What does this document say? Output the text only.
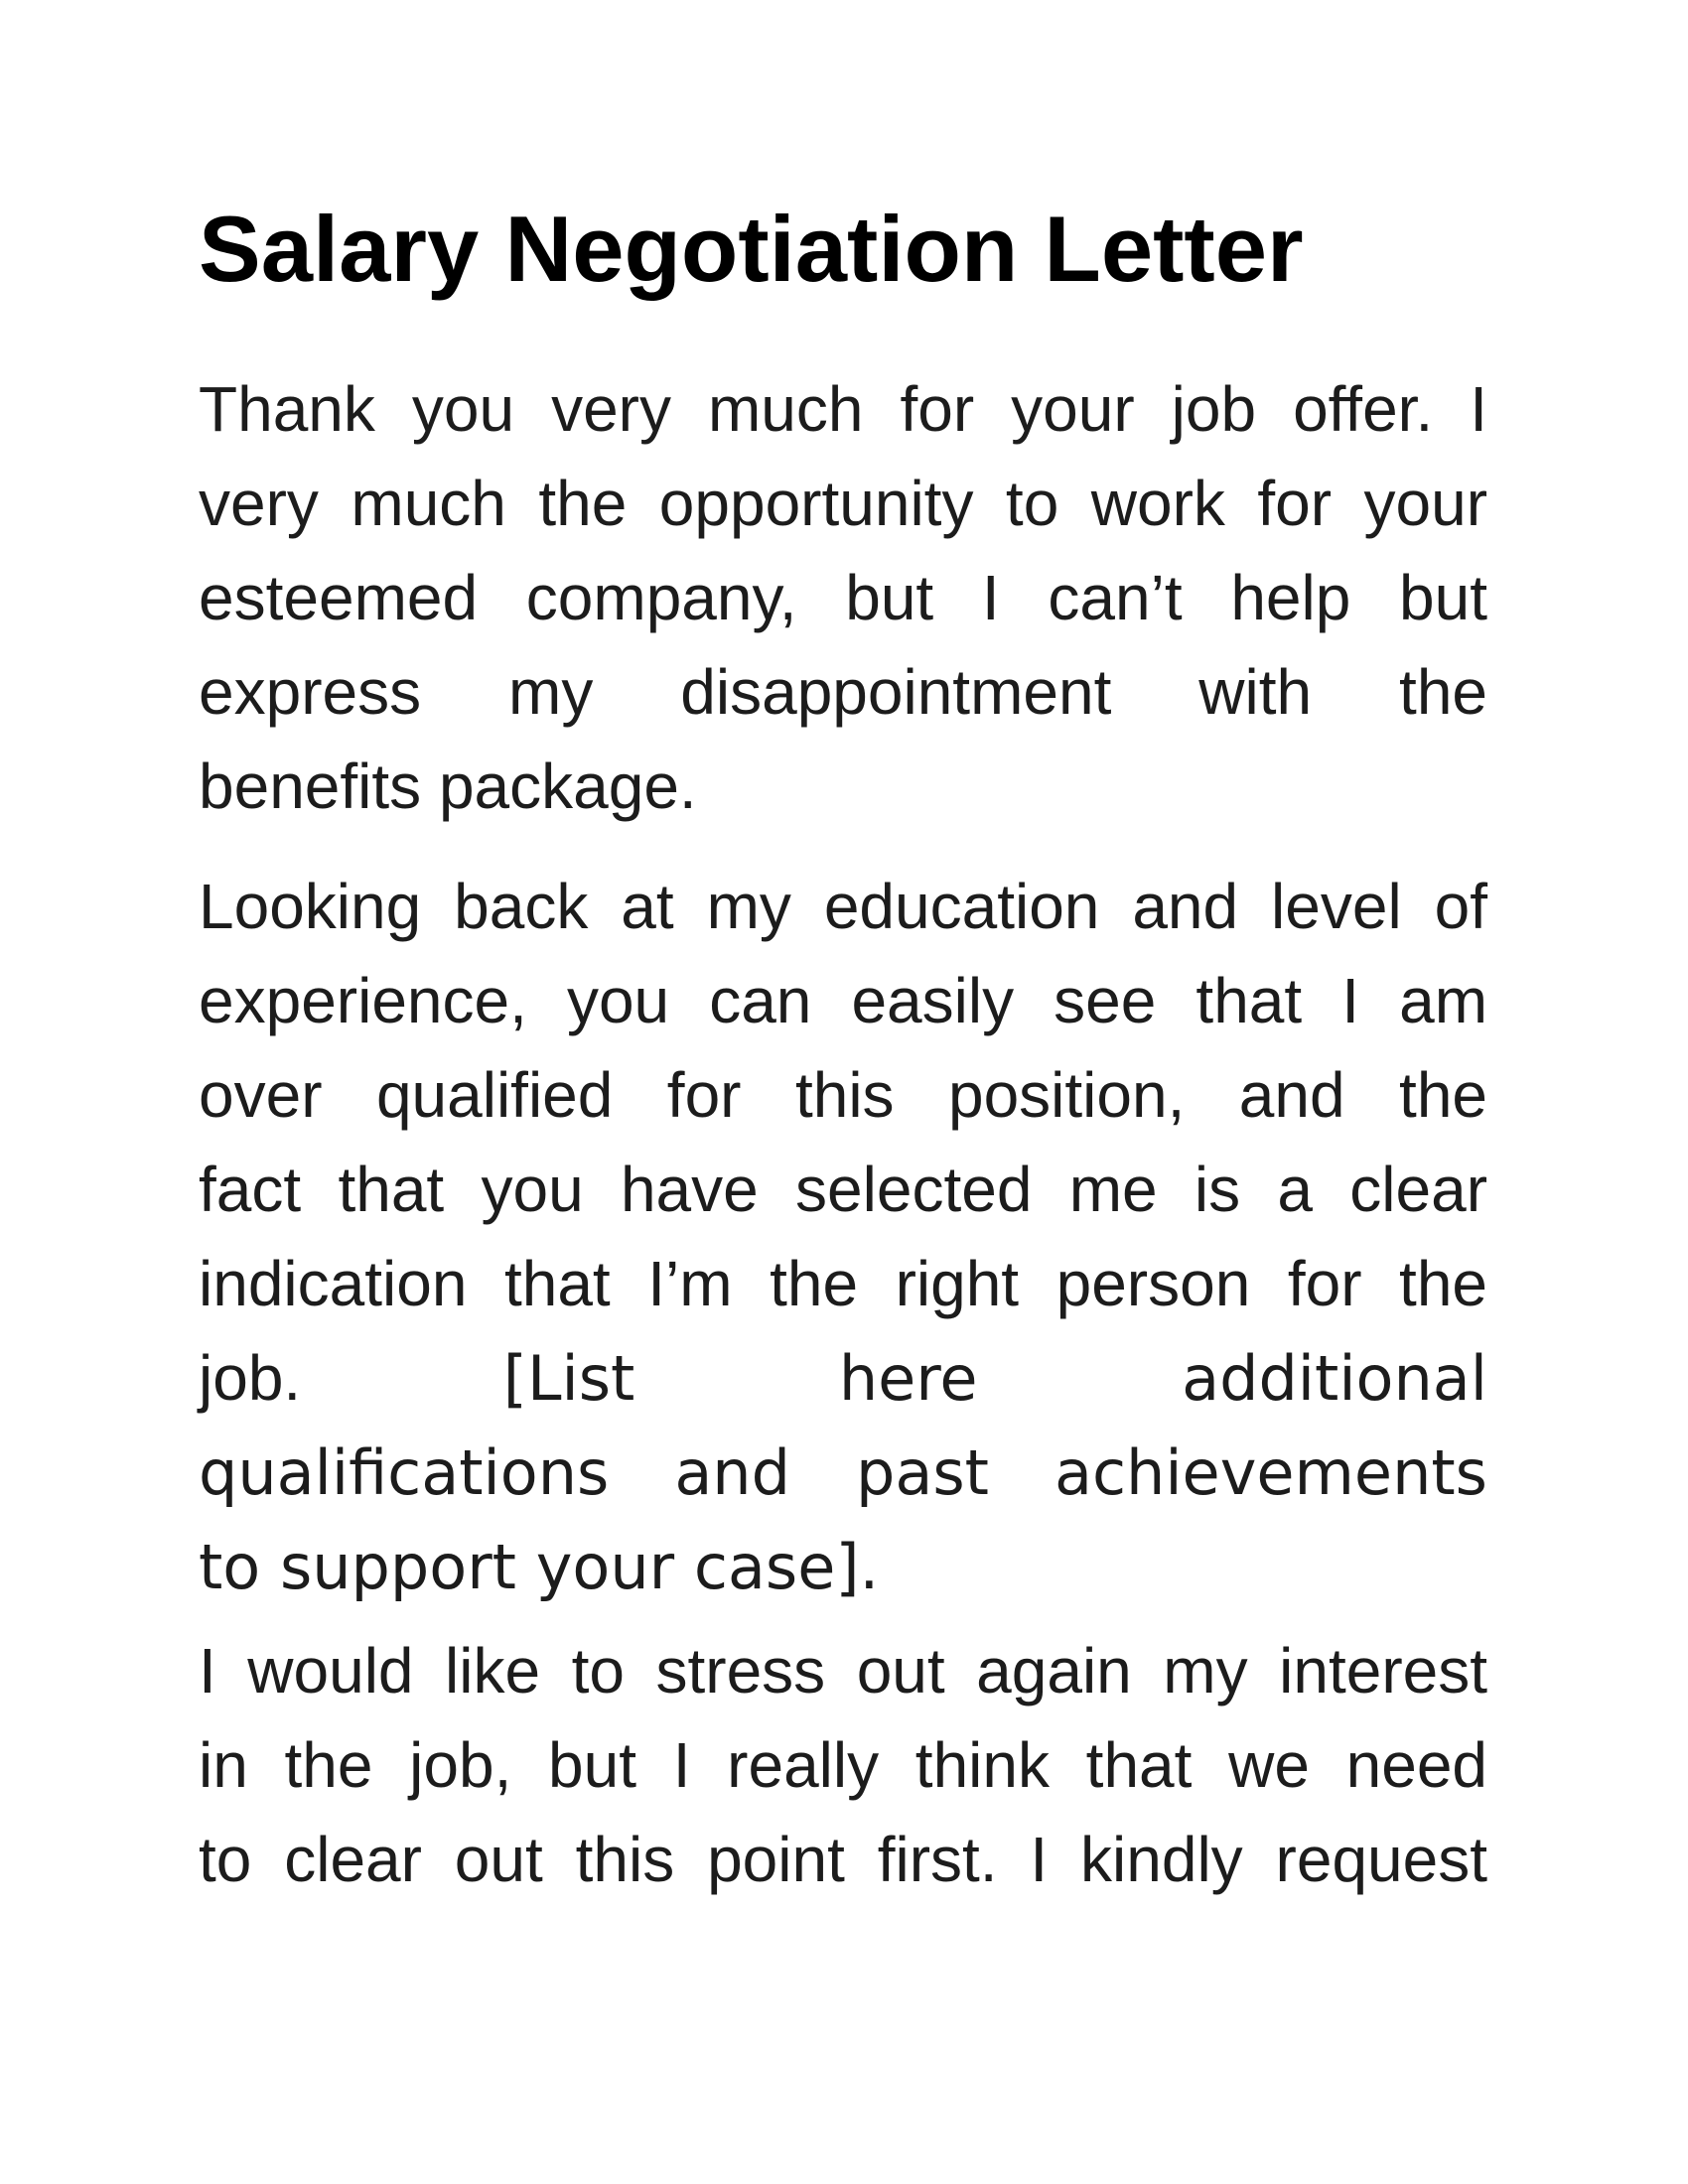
Salary Negotiation Letter
Thank you very much for your job offer. I
very much the opportunity to work for your
esteemed company, but I can’t help but
express my disappointment with the
benefits package.
Looking back at my education and level of
experience, you can easily see that I am
over qualified for this position, and the
fact that you have selected me is a clear
indication that I’m the right person for the
job. [List here additional
qualifications and past achievements
to support your case].
I would like to stress out again my interest
in the job, but I really think that we need
to clear out this point first. I kindly request
